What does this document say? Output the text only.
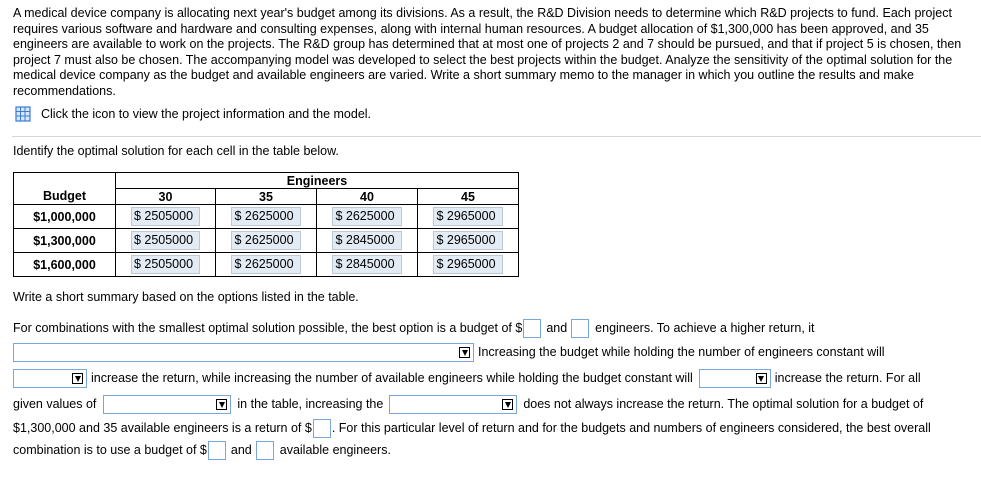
A medical device company is allocating next year's budget among its divisions. As a result, the R&D Division needs to determine which R&D projects to fund. Each project requires various software and hardware and consulting expenses, along with internal human resources. A budget allocation of $1,300,000 has been approved, and 35 engineers are available to work on the projects. The R&D group has determined that at most one of projects 2 and 7 should be pursued, and that if project 5 is chosen, then project 7 must also be chosen. The accompanying model was developed to select the best projects within the budget. Analyze the sensitivity of the optimal solution for the medical device company as the budget and available engineers are varied. Write a short summary memo to the manager in which you outline the results and make recommendations.
Click the icon to view the project information and the model.
Identify the optimal solution for each cell in the table below.
	Engineers			
Budget	30	35	40	45
$1,000,000	$ 2505000	$ 2625000	$ 2625000	$ 2965000
$1,300,000	$ 2505000	$ 2625000	$ 2845000	$ 2965000
$1,600,000	$ 2505000	$ 2625000	$ 2845000	$ 2965000
Write a short summary based on the options listed in the table.
For combinations with the smallest optimal solution possible, the best option is a budget of $ and engineers. To achieve a higher return, it
Increasing the budget while holding the number of engineers constant will
increase the return, while increasing the number of available engineers while holding the budget constant will	increase the return. For all
given values of	in the table, increasing the	does not always increase the return. The optimal solution for a budget of
$1,300,000 and 35 available engineers is a return of $ . For this particular level of return and for the budgets and numbers of engineers considered, the best overall
combination is to use a budget of $ and available engineers.
